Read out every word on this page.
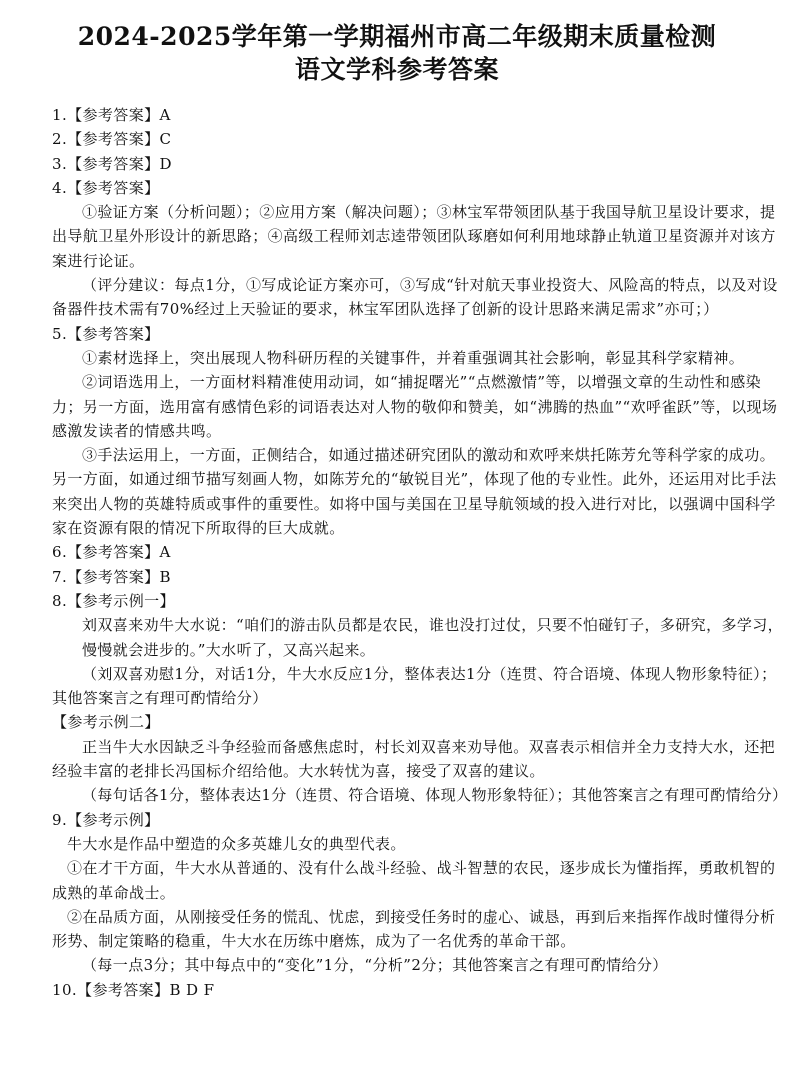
2024-2025学年第一学期福州市高二年级期末质量检测
语文学科参考答案

1.【参考答案】A

2.【参考答案】C

3.【参考答案】D

4.【参考答案】

①验证方案（分析问题）；②应用方案（解决问题）；③林宝军带领团队基于我国导航卫星设计要求，提出导航卫星外形设计的新思路；④高级工程师刘志逵带领团队琢磨如何利用地球静止轨道卫星资源并对该方案进行论证。

（评分建议：每点1分，①写成论证方案亦可，③写成“针对航天事业投资大、风险高的特点，以及对设备器件技术需有70%经过上天验证的要求，林宝军团队选择了创新的设计思路来满足需求”亦可；）

5.【参考答案】

①素材选择上，突出展现人物科研历程的关键事件，并着重强调其社会影响，彰显其科学家精神。

②词语选用上，一方面材料精准使用动词，如“捕捉曙光”“点燃激情”等，以增强文章的生动性和感染力；另一方面，选用富有感情色彩的词语表达对人物的敬仰和赞美，如“沸腾的热血”“欢呼雀跃”等，以现场感激发读者的情感共鸣。

③手法运用上，一方面，正侧结合，如通过描述研究团队的激动和欢呼来烘托陈芳允等科学家的成功。另一方面，如通过细节描写刻画人物，如陈芳允的“敏锐目光”，体现了他的专业性。此外，还运用对比手法来突出人物的英雄特质或事件的重要性。如将中国与美国在卫星导航领域的投入进行对比，以强调中国科学家在资源有限的情况下所取得的巨大成就。

6.【参考答案】A

7.【参考答案】B

8.【参考示例一】

刘双喜来劝牛大水说：“咱们的游击队员都是农民，谁也没打过仗，只要不怕碰钉子，多研究，多学习，慢慢就会进步的。”大水听了，又高兴起来。

（刘双喜劝慰1分，对话1分，牛大水反应1分，整体表达1分（连贯、符合语境、体现人物形象特征）；其他答案言之有理可酌情给分）

【参考示例二】

正当牛大水因缺乏斗争经验而备感焦虑时，村长刘双喜来劝导他。双喜表示相信并全力支持大水，还把经验丰富的老排长冯国标介绍给他。大水转忧为喜，接受了双喜的建议。

（每句话各1分，整体表达1分（连贯、符合语境、体现人物形象特征）；其他答案言之有理可酌情给分）

9.【参考示例】

牛大水是作品中塑造的众多英雄儿女的典型代表。

①在才干方面，牛大水从普通的、没有什么战斗经验、战斗智慧的农民，逐步成长为懂指挥，勇敢机智的成熟的革命战士。

②在品质方面，从刚接受任务的慌乱、忧虑，到接受任务时的虚心、诚恳，再到后来指挥作战时懂得分析形势、制定策略的稳重，牛大水在历练中磨炼，成为了一名优秀的革命干部。

（每一点3分；其中每点中的“变化”1分，“分析”2分；其他答案言之有理可酌情给分）

10.【参考答案】B D F
